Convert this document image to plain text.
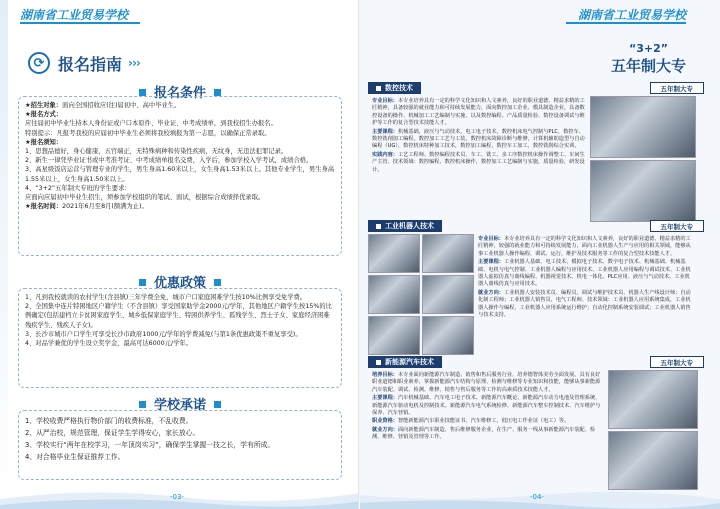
湖南省工业贸易学校
⟳ 报名指南 ›››
报名条件

★招生对象：面向全国招收应(往)届初中、高中毕业生。

★报名方式：

应往届初中毕业生持本人身份证或户口本原件、毕业证、中考成绩单，到我校招生办报名。

特别提示：凡报考我校的应届初中毕业生必须将我校填报为第一志愿，以确保正常录取。

★报名须知：

1、思想品德好，身心健康，五官端正，无特殊病种和传染性疾病，无纹身，无违法犯罪记录。

2、新生一律凭毕业证书或中考准考证、中考成绩单报名交费，入学后，参加学校入学考试，成绩合格。

3、高星级饭店运营与管理专业的学生，男生身高1.60米以上，女生身高1.53米以上。其他专业学生，男生身高1.55米以上，女生身高1.50米以上。

4、“3+2”五年制大专班的学生要求：

应面向应届初中毕业生招生，须参加学校组织的笔试、面试，根据综合成绩择优录取。

★报名时间：2021年6月至8月(额满为止)。

优惠政策

1、凡到我校就读的农村学生(含县镇)三年学费全免，城市户口家庭困难学生按10%比例享受免学费。

2、全国集中连片特困地区户籍学生（不含县镇）享受国家助学金2000元/学年，其他地区户籍学生按15%的比例确定(包括建档立卡贫困家庭学生、城乡低保家庭学生、特困供养学生、孤残学生、烈士子女、家庭经济困难残疾学生、残疾人子女)。

3、长沙市城市户口学生可享受长沙市政府1000元/学年的学费减免(与第1条优惠政策不重复享受)。

4、对品学兼优的学生设立奖学金，最高可达6000元/学年。

学校承诺

1、学校收费严格执行物价部门的收费标准，不乱收费。

2、从严治校，规范管理，保证学生学得安心，家长放心。

3、学校实行“两年在校学习，一年顶岗实习”，确保学生掌握一技之长，学有所成。

4、对合格毕业生保证推荐工作。

-03-
湖南省工业贸易学校
“3+2”
五年制大专
数控技术	五年制大专

专业目标：本专业培养具有一定的科学文化知识和人文素养，良好的职业道德、精益求精的工匠精神，具备较强的就业能力和可持续发展能力，面向数控加工企业、模具制造企业，具备数控设备的操作、机械加工工艺编制与实施、以及数控编程、产品质量检验、数控设备调试与维护等工作的复合型技术技能人才。

主要课程：机械基础，液压与气动技术，电工电子技术，数控机床电气控制与PLC，数控车、数控铣削加工编程，数控加工工艺与工装，数控机床故障诊断与维修，计算机辅助造型与自动编程（UG），数控机床特种加工技术，数控加工编程，数控车工加工，数控铣削综合实训。

实践内容：工艺工程师、数控编程技术员、车工、铣工、多工序数控机床操作调整工、车间生产主管、技术领域：数控编程、数控机床操作，数控加工工艺编制与实施，质量检验，研发设计。

工业机器人技术	五年制大专

专业目标：本专业培养具有一定的科学文化知识和人文素养，良好的职业道德、精益求精的工匠精神，较强的就业能力和可持续发展能力，面向工业机器人生产与应用的相关领域，能够从事工业机器人操作编程、调试、运行，维护及技术服务等工作的复合型技术技能人才。

主要课程：工业机器人基础、电工技术、模拟电子技术、数字电子技术、机械基础、机械基础、电机与电气控制、工业机器人编程与应用技术、工业机器人应用编程与调试技术、工业机器人虚拟仿真与离线编程、机器视觉技术、机电一体化、PLC应用、液压与气动技术、工业机器人离线仿真与应用技术。

就业方向：工业机器人安装技术员、编程员、调试与维护技术员、机器人生产线设计师；自动化制工程师；工业机器人销售员、电气工程师、技术领域：工业机器人应用系统集成，工业机器人操作与编程，工业机器人应用系统运行维护；自动化控制系统安装调试；工业机器人销售与技术支持。

新能源汽车技术	五年制大专

培养目标：本专业面向新能源汽车制造、销售和售后服务行业，培养德智体美劳全面发展、具有良好职业道德和职业素养，掌握新能源汽车结构与原理、检测与维修等专业知识和技能，能够从事新能源汽车装配、调试、检测、维修、销售与售后服务等工作的高素质技术技能人才。

主要课程：汽车机械基础、汽车电工电子技术、新能源汽车概论、新能源汽车动力电池及管理系统、新能源汽车驱动电机及控制技术、新能源汽车电气系统检修、新能源汽车整车控制技术、汽车维护与保养、汽车营销。

职业资格：智能新能源汽车职业技能证书、汽车维修工、低压电工作业证（电工）等。

就业方向：面向新能源汽车制造、售后维修服务企业，在生产、服务一线从事新能源汽车装配、检测、维修、营销及管理等工作。

-04-
